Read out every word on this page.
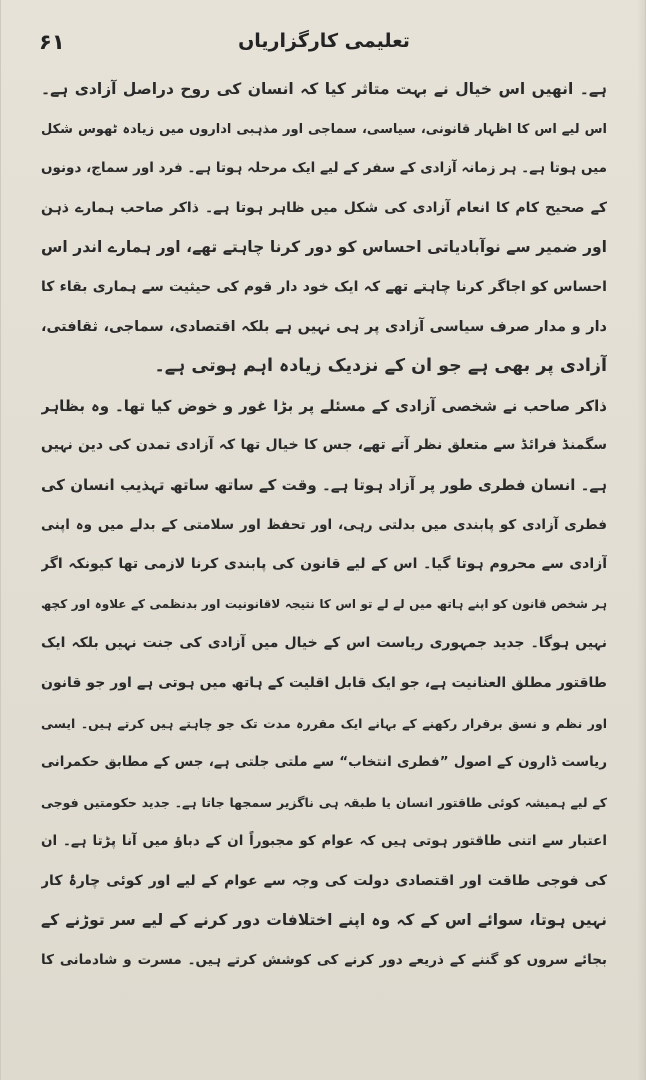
۶۱	تعلیمی کارگزاریاں
ہے۔ انھیں اس خیال نے بہت متاثر کیا کہ انسان کی روح دراصل آزادی ہے۔
اس لیے اس کا اظہار قانونی، سیاسی، سماجی اور مذہبی اداروں میں زیادہ ٹھوس شکل
میں ہوتا ہے۔ ہر زمانہ آزادی کے سفر کے لیے ایک مرحلہ ہوتا ہے۔ فرد اور سماج، دونوں
کے صحیح کام کا انعام آزادی کی شکل میں ظاہر ہوتا ہے۔ ذاکر صاحب ہمارے ذہن
اور ضمیر سے نوآبادیاتی احساس کو دور کرنا چاہتے تھے، اور ہمارے اندر اس
احساس کو اجاگر کرنا چاہتے تھے کہ ایک خود دار قوم کی حیثیت سے ہماری بقاء کا
دار و مدار صرف سیاسی آزادی پر ہی نہیں ہے بلکہ اقتصادی، سماجی، ثقافتی،
آزادی پر بھی ہے جو ان کے نزدیک زیادہ اہم ہوتی ہے۔
ذاکر صاحب نے شخصی آزادی کے مسئلے پر بڑا غور و خوض کیا تھا۔ وہ بظاہر
سگمنڈ فرائڈ سے متعلق نظر آتے تھے، جس کا خیال تھا کہ آزادی تمدن کی دین نہیں
ہے۔ انسان فطری طور پر آزاد ہوتا ہے۔ وقت کے ساتھ ساتھ تہذیب انسان کی
فطری آزادی کو پابندی میں بدلتی رہی، اور تحفظ اور سلامتی کے بدلے میں وہ اپنی
آزادی سے محروم ہوتا گیا۔ اس کے لیے قانون کی پابندی کرنا لازمی تھا کیونکہ اگر
ہر شخص قانون کو اپنے ہاتھ میں لے لے تو اس کا نتیجہ لاقانونیت اور بدنظمی کے علاوہ اور کچھ
نہیں ہوگا۔ جدید جمہوری ریاست اس کے خیال میں آزادی کی جنت نہیں بلکہ ایک
طاقتور مطلق العنانیت ہے، جو ایک قابل اقلیت کے ہاتھ میں ہوتی ہے اور جو قانون
اور نظم و نسق برقرار رکھنے کے بہانے ایک مقررہ مدت تک جو چاہتے ہیں کرتے ہیں۔ ایسی
ریاست ڈارون کے اصول ”فطری انتخاب“ سے ملتی جلتی ہے، جس کے مطابق حکمرانی
کے لیے ہمیشہ کوئی طاقتور انسان یا طبقہ ہی ناگزیر سمجھا جاتا ہے۔ جدید حکومتیں فوجی
اعتبار سے اتنی طاقتور ہوتی ہیں کہ عوام کو مجبوراً ان کے دباؤ میں آنا پڑتا ہے۔ ان
کی فوجی طاقت اور اقتصادی دولت کی وجہ سے عوام کے لیے اور کوئی چارۂ کار
نہیں ہوتا، سوائے اس کے کہ وہ اپنے اختلافات دور کرنے کے لیے سر توڑنے کے
بجائے سروں کو گننے کے ذریعے دور کرنے کی کوشش کرتے ہیں۔ مسرت و شادمانی کا
